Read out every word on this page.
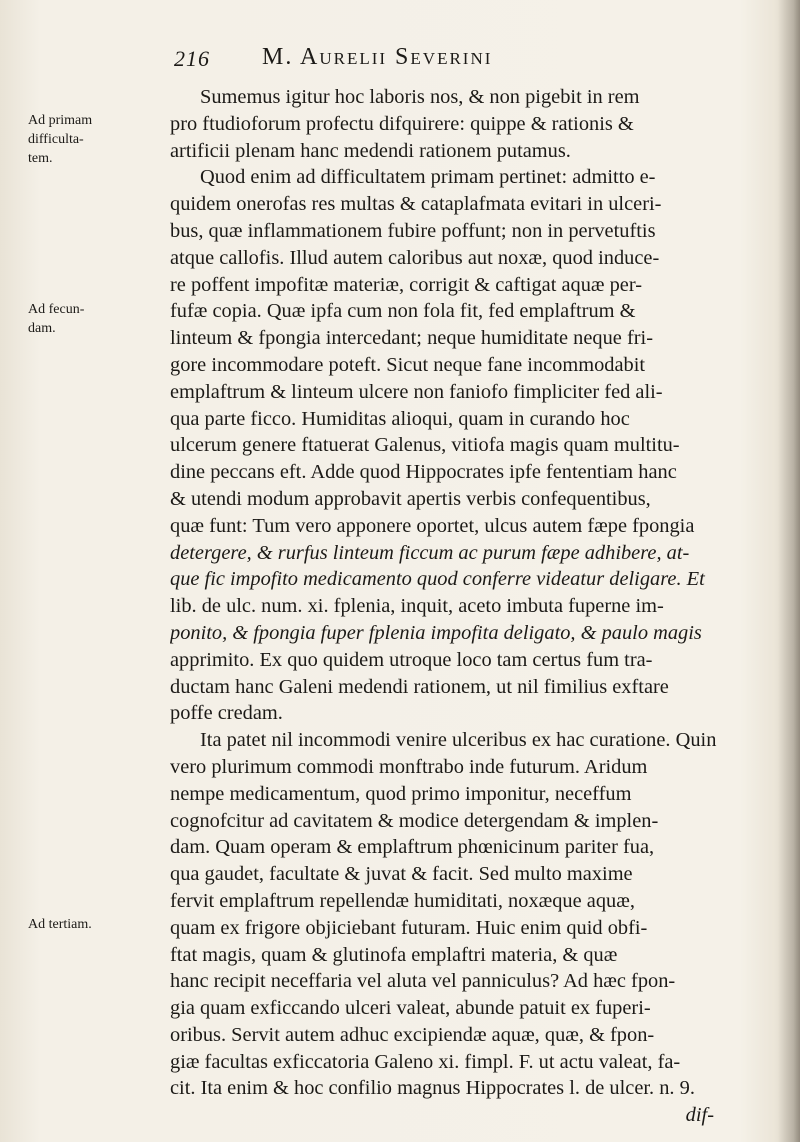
216 M. Aurelii Severini
Ad primam
difficulta-
tem.
Ad fecun-
dam.
Ad tertiam.
Sumemus igitur hoc laboris nos, & non pigebit in rem
pro ftudioforum profectu difquirere: quippe & rationis &
artificii plenam hanc medendi rationem putamus.
Quod enim ad difficultatem primam pertinet: admitto e-
quidem onerofas res multas & cataplafmata evitari in ulceri-
bus, quæ inflammationem fubire poffunt; non in pervetuftis
atque callofis. Illud autem caloribus aut noxæ, quod induce-
re poffent impofitæ materiæ, corrigit & caftigat aquæ per-
fufæ copia. Quæ ipfa cum non fola fit, fed emplaftrum &
linteum & fpongia intercedant; neque humiditate neque fri-
gore incommodare poteft. Sicut neque fane incommodabit
emplaftrum & linteum ulcere non faniofo fimpliciter fed ali-
qua parte ficco. Humiditas alioqui, quam in curando hoc
ulcerum genere ftatuerat Galenus, vitiofa magis quam multitu-
dine peccans eft. Adde quod Hippocrates ipfe fententiam hanc
& utendi modum approbavit apertis verbis confequentibus,
quæ funt: Tum vero apponere oportet, ulcus autem fæpe fpongia
detergere, & rurfus linteum ficcum ac purum fæpe adhibere, at-
que fic impofito medicamento quod conferre videatur deligare. Et
lib. de ulc. num. xi. fplenia, inquit, aceto imbuta fuperne im-
ponito, & fpongia fuper fplenia impofita deligato, & paulo magis
apprimito. Ex quo quidem utroque loco tam certus fum tra-
ductam hanc Galeni medendi rationem, ut nil fimilius exftare
poffe credam.
Ita patet nil incommodi venire ulceribus ex hac curatione. Quin
vero plurimum commodi monftrabo inde futurum. Aridum
nempe medicamentum, quod primo imponitur, neceffum
cognofcitur ad cavitatem & modice detergendam & implen-
dam. Quam operam & emplaftrum phœnicinum pariter fua,
qua gaudet, facultate & juvat & facit. Sed multo maxime
fervit emplaftrum repellendæ humiditati, noxæque aquæ,
quam ex frigore objiciebant futuram. Huic enim quid obfi-
ftat magis, quam & glutinofa emplaftri materia, & quæ
hanc recipit neceffaria vel aluta vel panniculus? Ad hæc fpon-
gia quam exficcando ulceri valeat, abunde patuit ex fuperi-
oribus. Servit autem adhuc excipiendæ aquæ, quæ, & fpon-
giæ facultas exficcatoria Galeno xi. fimpl. F. ut actu valeat, fa-
cit. Ita enim & hoc confilio magnus Hippocrates l. de ulcer. n. 9.
dif-
